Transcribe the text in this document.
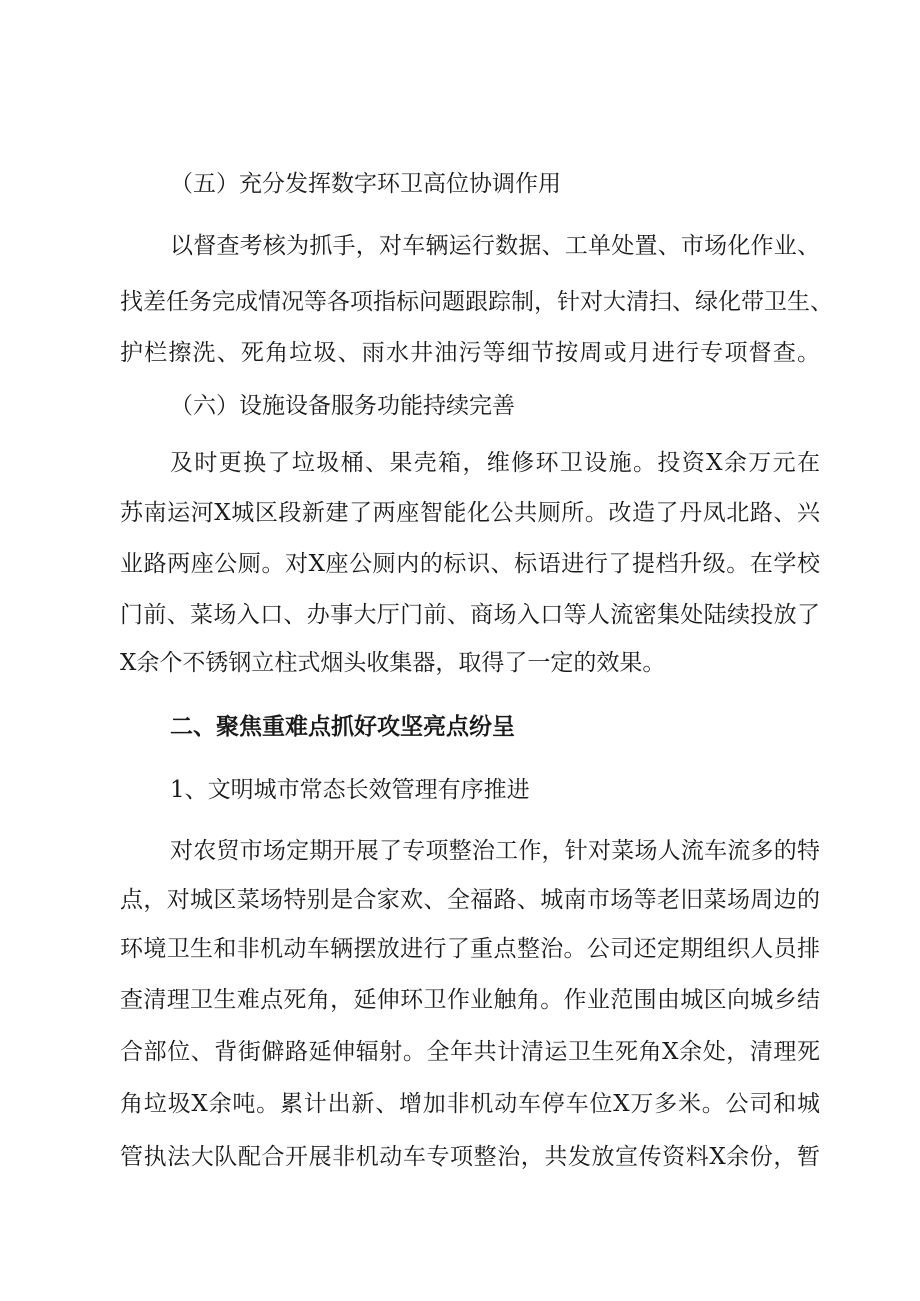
（五）充分发挥数字环卫高位协调作用
以督查考核为抓手，对车辆运行数据、工单处置、市场化作业、
找差任务完成情况等各项指标问题跟踪制，针对大清扫、绿化带卫生、
护栏擦洗、死角垃圾、雨水井油污等细节按周或月进行专项督查。
（六）设施设备服务功能持续完善
及时更换了垃圾桶、果壳箱，维修环卫设施。投资X余万元在
苏南运河X城区段新建了两座智能化公共厕所。改造了丹凤北路、兴
业路两座公厕。对X座公厕内的标识、标语进行了提档升级。在学校
门前、菜场入口、办事大厅门前、商场入口等人流密集处陆续投放了
X余个不锈钢立柱式烟头收集器，取得了一定的效果。
二、聚焦重难点抓好攻坚亮点纷呈
1、文明城市常态长效管理有序推进
对农贸市场定期开展了专项整治工作，针对菜场人流车流多的特
点，对城区菜场特别是合家欢、全福路、城南市场等老旧菜场周边的
环境卫生和非机动车辆摆放进行了重点整治。公司还定期组织人员排
查清理卫生难点死角，延伸环卫作业触角。作业范围由城区向城乡结
合部位、背街僻路延伸辐射。全年共计清运卫生死角X余处，清理死
角垃圾X余吨。累计出新、增加非机动车停车位X万多米。公司和城
管执法大队配合开展非机动车专项整治，共发放宣传资料X余份，暂
